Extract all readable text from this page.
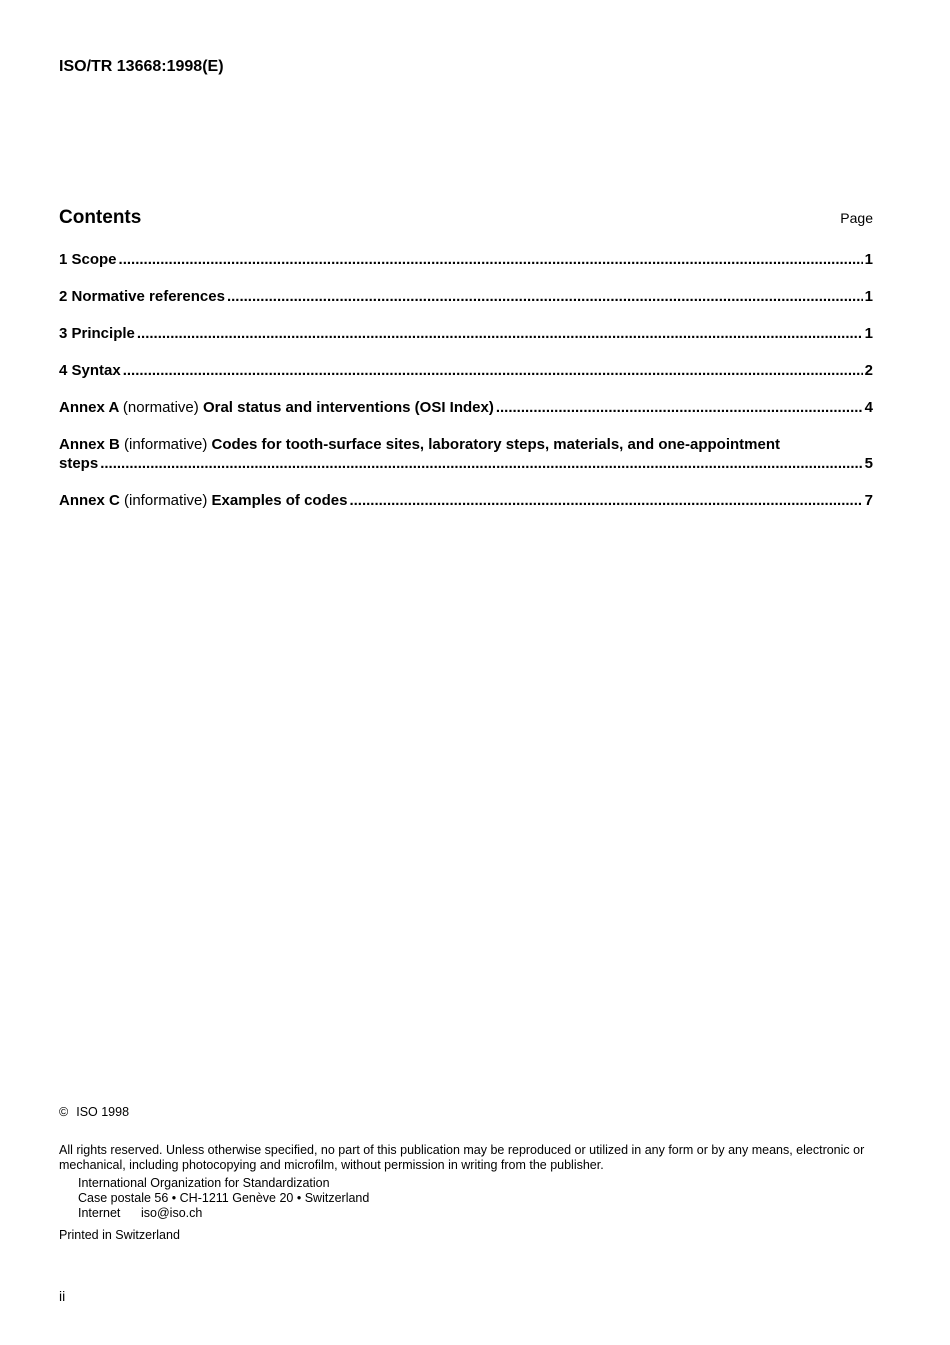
ISO/TR 13668:1998(E)
Contents	Page
1 Scope .....	1
2 Normative references .....	1
3 Principle .....	1
4 Syntax .....	2
Annex A (normative) Oral status and interventions (OSI Index) .....	4
Annex B (informative) Codes for tooth-surface sites, laboratory steps, materials, and one-appointment
steps .....	5
Annex C (informative) Examples of codes .....	7
© ISO 1998

All rights reserved. Unless otherwise specified, no part of this publication may be reproduced or utilized in any form or by any means, electronic or mechanical, including photocopying and microfilm, without permission in writing from the publisher.

International Organization for Standardization
Case postale 56 • CH-1211 Genève 20 • Switzerland
Internet iso@iso.ch
Printed in Switzerland
ii
